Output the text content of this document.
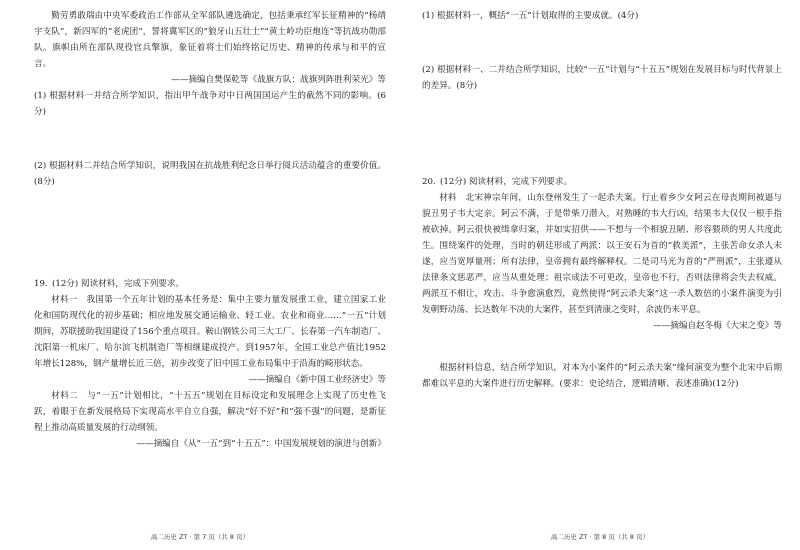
勤劳勇敢瑞由中央军委政治工作部从全军部队遴选确定，包括秉承红军长征精神的“杨靖宇支队”，新四军的“老虎团”，誓将冀军区的“狼牙山五壮士”“黄土岭功臣炮连”等抗战功勋部队。旗帜由所在部队现役官兵擎旗，象征着将士们始终铭记历史、精神的传承与和平的宣言。

——摘编自樊保乾等《战旗方队：战旗列阵胜利荣光》等

(1) 根据材料一并结合所学知识，指出甲午战争对中日两国国运产生的截然不同的影响。(6分)

(2) 根据材料二并结合所学知识，说明我国在抗战胜利纪念日举行阅兵活动蕴含的重要价值。(8分)

19. (12分) 阅读材料，完成下列要求。

材料一　 我国第一个五年计划的基本任务是：集中主要力量发展重工业，建立国家工业化和国防现代化的初步基础；相应地发展交通运输业、轻工业、农业和商业……“一五”计划期间，苏联援助我国建设了156个重点项目。鞍山钢铁公司三大工厂、长春第一汽车制造厂、沈阳第一机床厂、哈尔滨飞机制造厂等相继建成投产。到1957年，全国工业总产值比1952年增长128%，钢产量增长近三倍，初步改变了旧中国工业布局集中于沿海的畸形状态。

——摘编自《新中国工业经济史》等

材料二　 与“一五”计划相比，“十五五”规划在目标设定和发展理念上实现了历史性飞跃，着眼于在新发展格局下实现高水平自立自强，解决“好不好”和“强不强”的问题，是新征程上推动高质量发展的行动纲领。

——摘编自《从“一五”到“十五五”：中国发展规划的演进与创新》

高二历史 ZT · 第 7 页（共 8 页）

(1) 根据材料一，概括“一五”计划取得的主要成就。(4分)

(2) 根据材料一、二并结合所学知识，比较“一五”计划与“十五五”规划在发展目标与时代背景上的差异。(8分)

20. (12分) 阅读材料，完成下列要求。

材料　 北宋神宗年间，山东登州发生了一起杀夫案。行止着乡少女阿云在母丧期间被逼与貌丑男子韦大定亲。阿云不满，于是带柴刀潜入，对熟睡的韦大行凶，结果韦大仅仅一根手指被砍掉。阿云很快被缉拿归案，并如实招供——不想与一个相貌丑陋、形容猥琐的男人共度此生。围绕案件的处理，当时的朝廷形成了两派：以王安石为首的“救美派”，主张苦命女杀人未遂，应当宽厚量刑；所有法律，皇帝拥有最终解释权。二是司马光为首的“严刑派”，主张遵从法律条文惩恶严，应当从重处理；祖宗成法不可更改，皇帝也不行，否则法律将会失去权威。两派互不相让，攻击、斗争愈演愈烈，竟然使得“阿云杀夫案”这一杀人数倍的小案件演变为引发朝野动荡、长达数年不决的大案件，甚至到清康之变时，余波仍未平息。

——摘编自赵冬梅《大宋之变》等

根据材料信息，结合所学知识，对本为小案件的“阿云杀夫案”缘何演变为整个北宋中后期都难以平息的大案件进行历史解释。(要求：史论结合，逻辑清晰、表述准确)(12分)

高二历史 ZT · 第 8 页（共 8 页）
